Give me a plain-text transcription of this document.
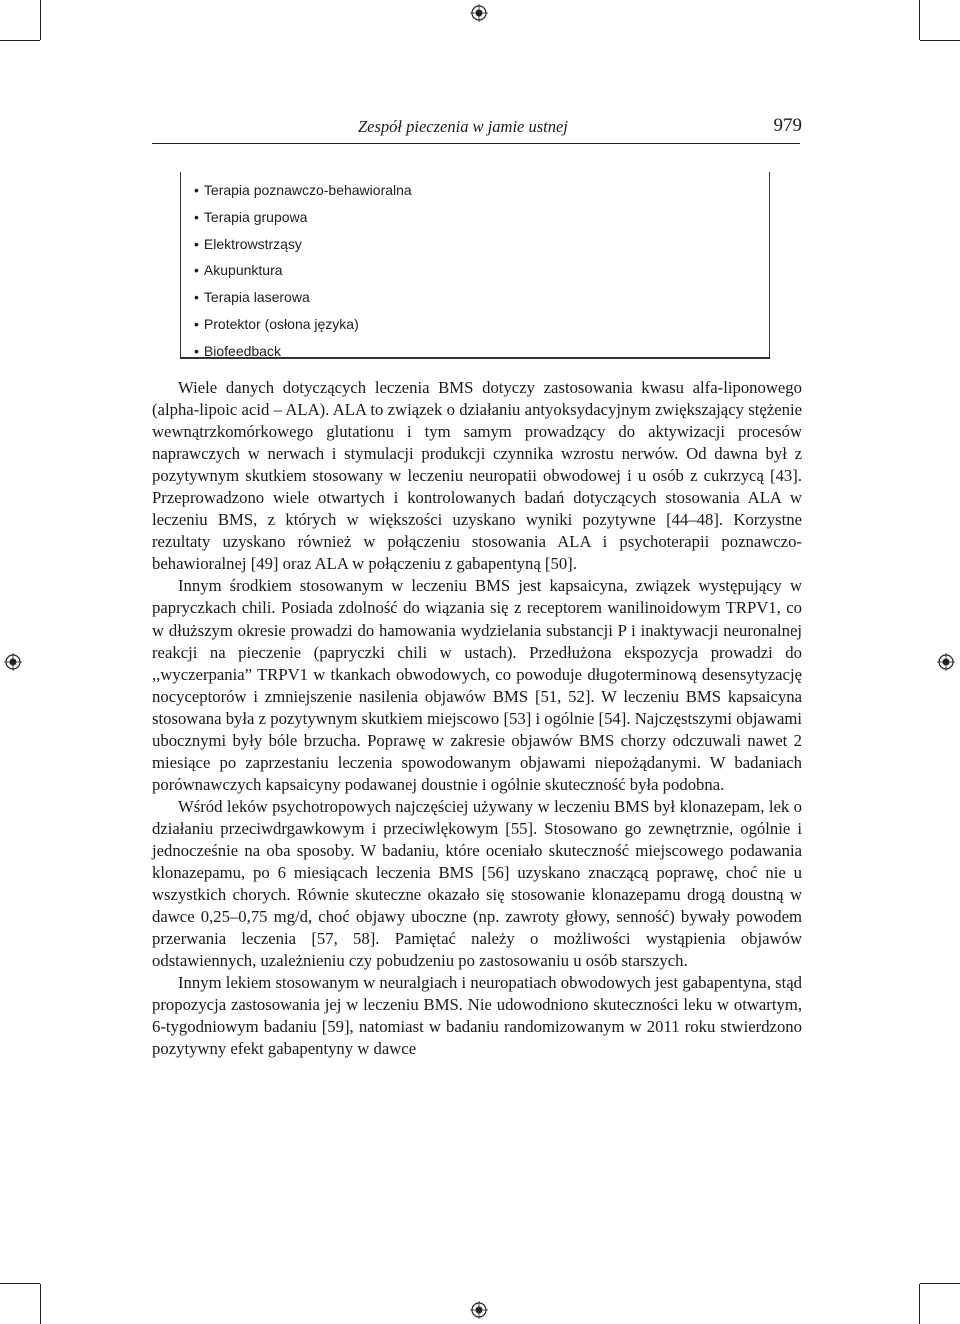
Zespół pieczenia w jamie ustnej	979
• Terapia poznawczo-behawioralna
• Terapia grupowa
• Elektrowstrząsy
• Akupunktura
• Terapia laserowa
• Protektor (osłona języka)
• Biofeedback

Wiele danych dotyczących leczenia BMS dotyczy zastosowania kwasu alfa-liponowego (alpha-lipoic acid – ALA). ALA to związek o działaniu antyoksydacyjnym zwiększający stężenie wewnątrzkomórkowego glutationu i tym samym prowadzący do aktywizacji procesów naprawczych w nerwach i stymulacji produkcji czynnika wzrostu nerwów. Od dawna był z pozytywnym skutkiem stosowany w leczeniu neuropatii obwodowej i u osób z cukrzycą [43]. Przeprowadzono wiele otwartych i kontrolowanych badań dotyczących stosowania ALA w leczeniu BMS, z których w większości uzyskano wyniki pozytywne [44–48]. Korzystne rezultaty uzyskano również w połączeniu stosowania ALA i psychoterapii poznawczo-behawioralnej [49] oraz ALA w połączeniu z gabapentyną [50].

Innym środkiem stosowanym w leczeniu BMS jest kapsaicyna, związek występujący w papryczkach chili. Posiada zdolność do wiązania się z receptorem wanilinoidowym TRPV1, co w dłuższym okresie prowadzi do hamowania wydzielania substancji P i inaktywacji neuronalnej reakcji na pieczenie (papryczki chili w ustach). Przedłużona ekspozycja prowadzi do ,,wyczerpania” TRPV1 w tkankach obwodowych, co powoduje długoterminową desensytyzację nocyceptorów i zmniejszenie nasilenia objawów BMS [51, 52]. W leczeniu BMS kapsaicyna stosowana była z pozytywnym skutkiem miejscowo [53] i ogólnie [54]. Najczęstszymi objawami ubocznymi były bóle brzucha. Poprawę w zakresie objawów BMS chorzy odczuwali nawet 2 miesiące po zaprzestaniu leczenia spowodowanym objawami niepożądanymi. W badaniach porównawczych kapsaicyny podawanej doustnie i ogólnie skuteczność była podobna.

Wśród leków psychotropowych najczęściej używany w leczeniu BMS był klonazepam, lek o działaniu przeciwdrgawkowym i przeciwlękowym [55]. Stosowano go zewnętrznie, ogólnie i jednocześnie na oba sposoby. W badaniu, które oceniało skuteczność miejscowego podawania klonazepamu, po 6 miesiącach leczenia BMS [56] uzyskano znaczącą poprawę, choć nie u wszystkich chorych. Równie skuteczne okazało się stosowanie klonazepamu drogą doustną w dawce 0,25–0,75 mg/d, choć objawy uboczne (np. zawroty głowy, senność) bywały powodem przerwania leczenia [57, 58]. Pamiętać należy o możliwości wystąpienia objawów odstawiennych, uzależnieniu czy pobudzeniu po zastosowaniu u osób starszych.

Innym lekiem stosowanym w neuralgiach i neuropatiach obwodowych jest gabapentyna, stąd propozycja zastosowania jej w leczeniu BMS. Nie udowodniono skuteczności leku w otwartym, 6-tygodniowym badaniu [59], natomiast w badaniu randomizowanym w 2011 roku stwierdzono pozytywny efekt gabapentyny w dawce
